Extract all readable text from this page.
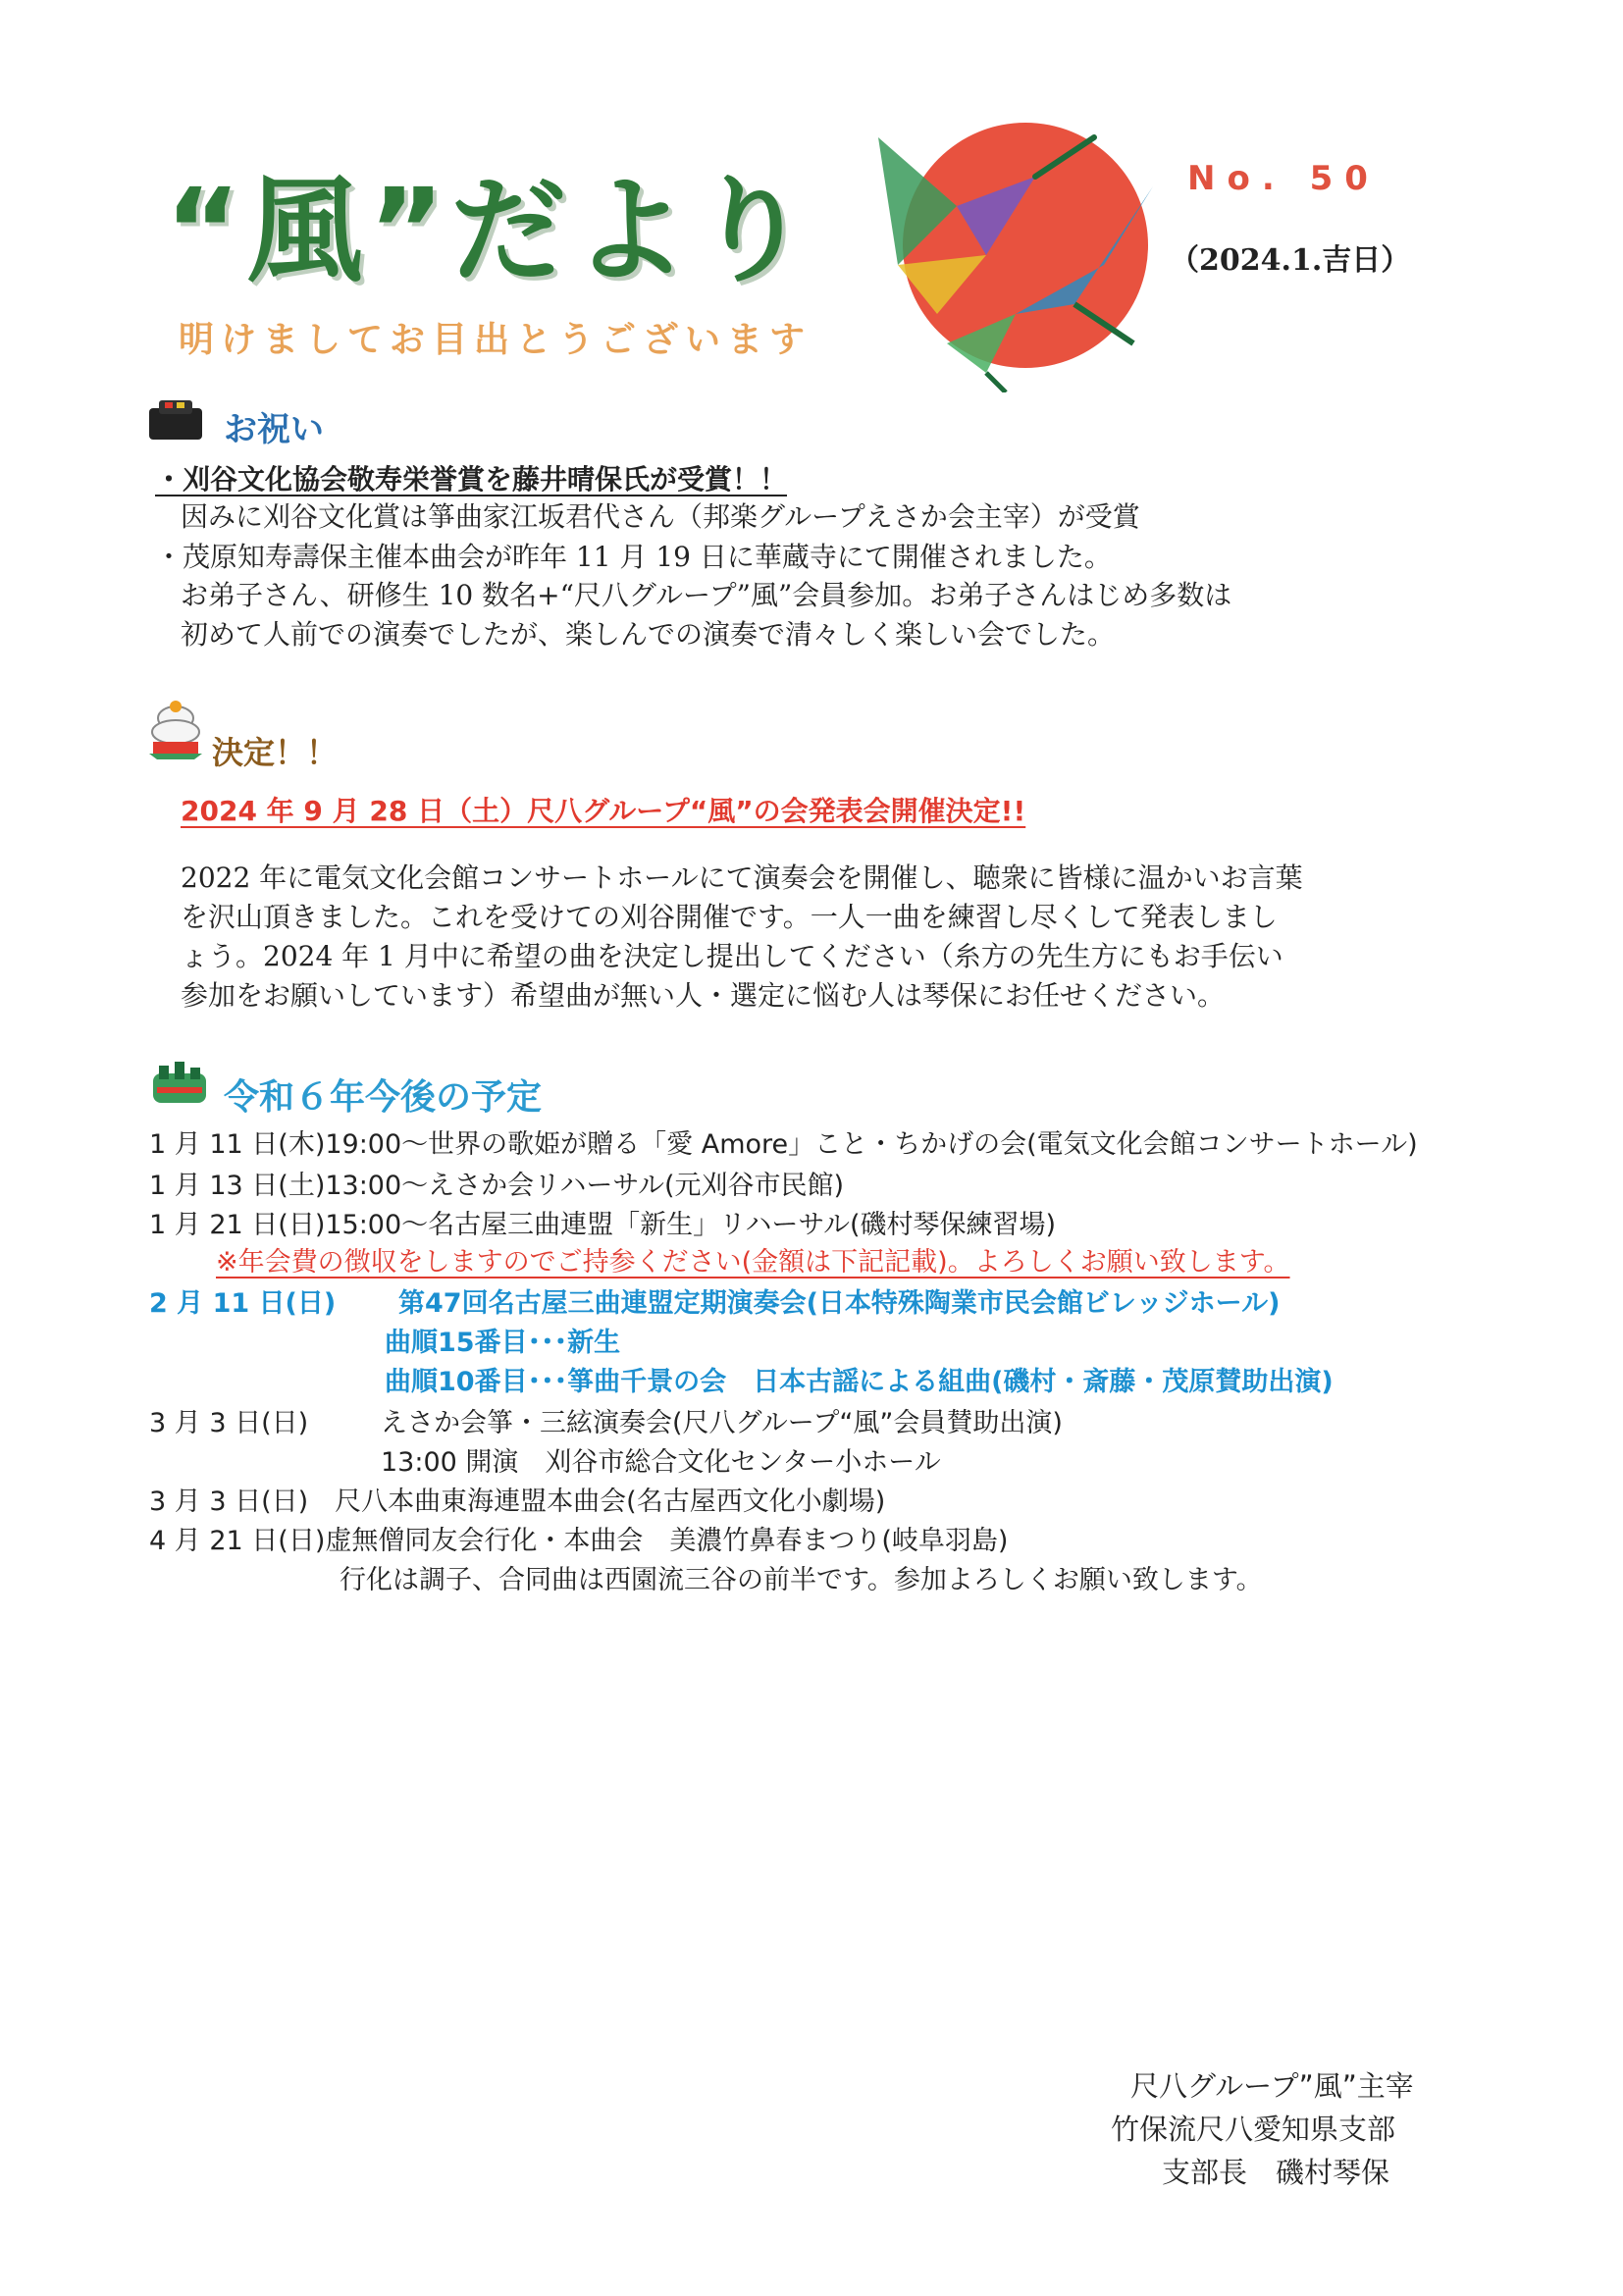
“風”だより
明けましてお目出とうございます
No. 50
（2024.1.吉日）
お祝い
・刈谷文化協会敬寿栄誉賞を藤井晴保氏が受賞！！
因みに刈谷文化賞は箏曲家江坂君代さん（邦楽グループえさか会主宰）が受賞
・茂原知寿壽保主催本曲会が昨年 11 月 19 日に華蔵寺にて開催されました。
お弟子さん、研修生 10 数名+“尺八グループ”風”会員参加。お弟子さんはじめ多数は
初めて人前での演奏でしたが、楽しんでの演奏で清々しく楽しい会でした。
決定！！
2024 年 9 月 28 日（土）尺八グループ“風”の会発表会開催決定!!
2022 年に電気文化会館コンサートホールにて演奏会を開催し、聴衆に皆様に温かいお言葉
を沢山頂きました。これを受けての刈谷開催です。一人一曲を練習し尽くして発表しまし
ょう。2024 年 1 月中に希望の曲を決定し提出してください（糸方の先生方にもお手伝い
参加をお願いしています）希望曲が無い人・選定に悩む人は琴保にお任せください。
令和６年今後の予定
1 月 11 日(木)19:00～世界の歌姫が贈る「愛 Amore」こと・ちかげの会(電気文化会館コンサートホール)
1 月 13 日(土)13:00～えさか会リハーサル(元刈谷市民館)
1 月 21 日(日)15:00～名古屋三曲連盟「新生」リハーサル(磯村琴保練習場)
※年会費の徴収をしますのでご持参ください(金額は下記記載)。よろしくお願い致します。
2 月 11 日(日) 第47回名古屋三曲連盟定期演奏会(日本特殊陶業市民会館ビレッジホール)
曲順15番目･･･新生
曲順10番目･･･箏曲千景の会　日本古謡による組曲(磯村・斎藤・茂原賛助出演)
3 月 3 日(日)	えさか会箏・三絃演奏会(尺八グループ“風”会員賛助出演)
13:00 開演　刈谷市総合文化センター小ホール
3 月 3 日(日)　尺八本曲東海連盟本曲会(名古屋西文化小劇場)
4 月 21 日(日)虚無僧同友会行化・本曲会　美濃竹鼻春まつり(岐阜羽島)
行化は調子、合同曲は西園流三谷の前半です。参加よろしくお願い致します。
尺八グループ”風”主宰
竹保流尺八愛知県支部
支部長　磯村琴保
